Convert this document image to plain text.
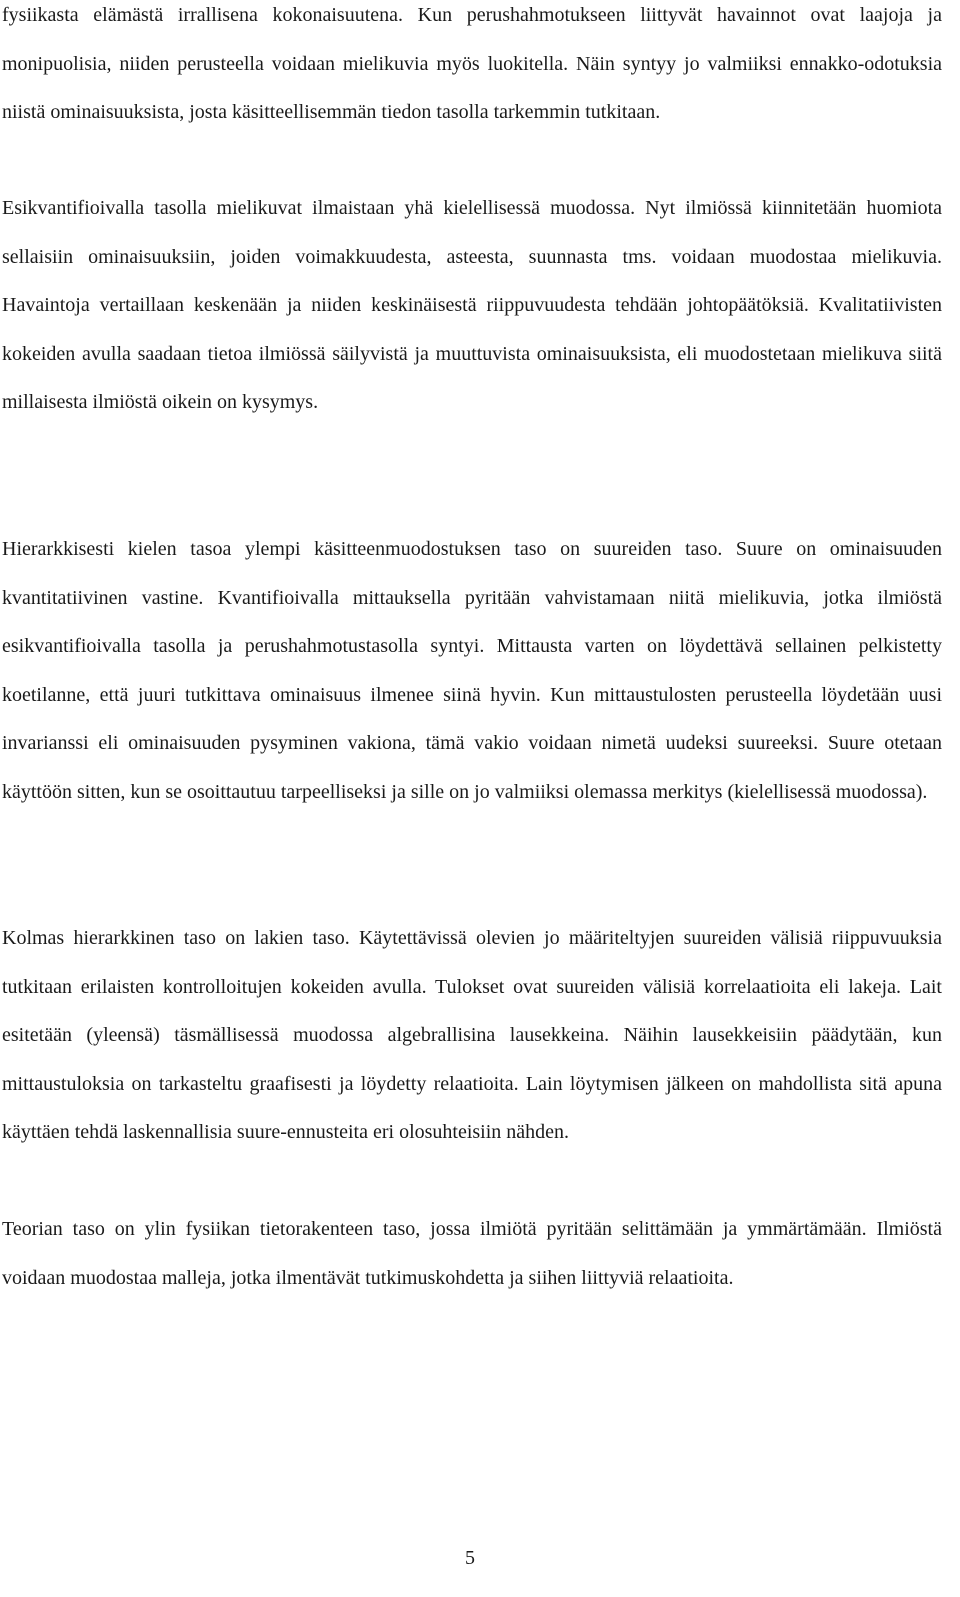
fysiikasta elämästä irrallisena kokonaisuutena. Kun perushahmotukseen liittyvät havainnot ovat laajoja ja monipuolisia, niiden perusteella voidaan mielikuvia myös luokitella. Näin syntyy jo valmiiksi ennakko-odotuksia niistä ominaisuuksista, josta käsitteellisemmän tiedon tasolla tarkemmin tutkitaan.

Esikvantifioivalla tasolla mielikuvat ilmaistaan yhä kielellisessä muodossa. Nyt ilmiössä kiinnitetään huomiota sellaisiin ominaisuuksiin, joiden voimakkuudesta, asteesta, suunnasta tms. voidaan muodostaa mielikuvia. Havaintoja vertaillaan keskenään ja niiden keskinäisestä riippuvuudesta tehdään johtopäätöksiä. Kvalitatiivisten kokeiden avulla saadaan tietoa ilmiössä säilyvistä ja muuttuvista ominaisuuksista, eli muodostetaan mielikuva siitä millaisesta ilmiöstä oikein on kysymys.

Hierarkkisesti kielen tasoa ylempi käsitteenmuodostuksen taso on suureiden taso. Suure on ominaisuuden kvantitatiivinen vastine. Kvantifioivalla mittauksella pyritään vahvistamaan niitä mielikuvia, jotka ilmiöstä esikvantifioivalla tasolla ja perushahmotustasolla syntyi. Mittausta varten on löydettävä sellainen pelkistetty koetilanne, että juuri tutkittava ominaisuus ilmenee siinä hyvin. Kun mittaustulosten perusteella löydetään uusi invarianssi eli ominaisuuden pysyminen vakiona, tämä vakio voidaan nimetä uudeksi suureeksi. Suure otetaan käyttöön sitten, kun se osoittautuu tarpeelliseksi ja sille on jo valmiiksi olemassa merkitys (kielellisessä muodossa).

Kolmas hierarkkinen taso on lakien taso. Käytettävissä olevien jo määriteltyjen suureiden välisiä riippuvuuksia tutkitaan erilaisten kontrolloitujen kokeiden avulla. Tulokset ovat suureiden välisiä korrelaatioita eli lakeja. Lait esitetään (yleensä) täsmällisessä muodossa algebrallisina lausekkeina. Näihin lausekkeisiin päädytään, kun mittaustuloksia on tarkasteltu graafisesti ja löydetty relaatioita. Lain löytymisen jälkeen on mahdollista sitä apuna käyttäen tehdä laskennallisia suure-ennusteita eri olosuhteisiin nähden.

Teorian taso on ylin fysiikan tietorakenteen taso, jossa ilmiötä pyritään selittämään ja ymmärtämään. Ilmiöstä voidaan muodostaa malleja, jotka ilmentävät tutkimuskohdetta ja siihen liittyviä relaatioita.

5
